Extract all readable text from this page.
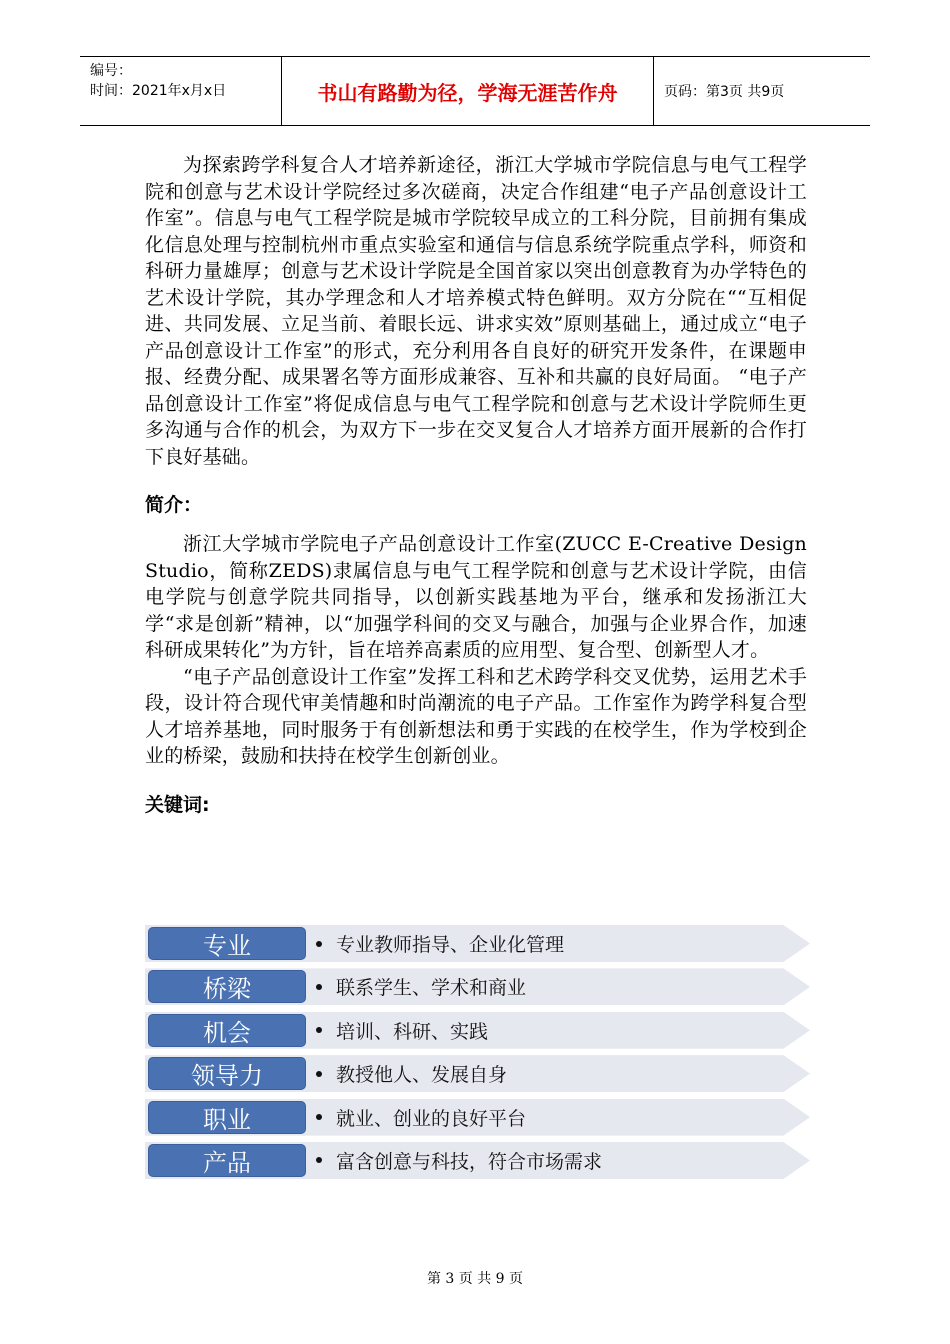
编号：
时间：2021年x月x日	书山有路勤为径，学海无涯苦作舟	页码：第3页 共9页

为探索跨学科复合人才培养新途径，浙江大学城市学院信息与电气工程学院和创意与艺术设计学院经过多次磋商，决定合作组建“电子产品创意设计工作室”。信息与电气工程学院是城市学院较早成立的工科分院，目前拥有集成化信息处理与控制杭州市重点实验室和通信与信息系统学院重点学科，师资和科研力量雄厚；创意与艺术设计学院是全国首家以突出创意教育为办学特色的艺术设计学院，其办学理念和人才培养模式特色鲜明。双方分院在““互相促进、共同发展、立足当前、着眼长远、讲求实效”原则基础上，通过成立“电子产品创意设计工作室”的形式，充分利用各自良好的研究开发条件，在课题申报、经费分配、成果署名等方面形成兼容、互补和共赢的良好局面。 “电子产品创意设计工作室”将促成信息与电气工程学院和创意与艺术设计学院师生更多沟通与合作的机会，为双方下一步在交叉复合人才培养方面开展新的合作打下良好基础。

简介：

浙江大学城市学院电子产品创意设计工作室(ZUCC E-Creative Design Studio，简称ZEDS)隶属信息与电气工程学院和创意与艺术设计学院，由信电学院与创意学院共同指导，以创新实践基地为平台，继承和发扬浙江大学“求是创新”精神，以“加强学科间的交叉与融合，加强与企业界合作，加速科研成果转化”为方针，旨在培养高素质的应用型、复合型、创新型人才。

“电子产品创意设计工作室”发挥工科和艺术跨学科交叉优势，运用艺术手段，设计符合现代审美情趣和时尚潮流的电子产品。工作室作为跨学科复合型人才培养基地，同时服务于有创新想法和勇于实践的在校学生，作为学校到企业的桥梁，鼓励和扶持在校学生创新创业。

关键词:
专业	专业教师指导、企业化管理
桥梁	联系学生、学术和商业
机会	培训、科研、实践
领导力	教授他人、发展自身
职业	就业、创业的良好平台
产品	富含创意与科技，符合市场需求
第 3 页 共 9 页
